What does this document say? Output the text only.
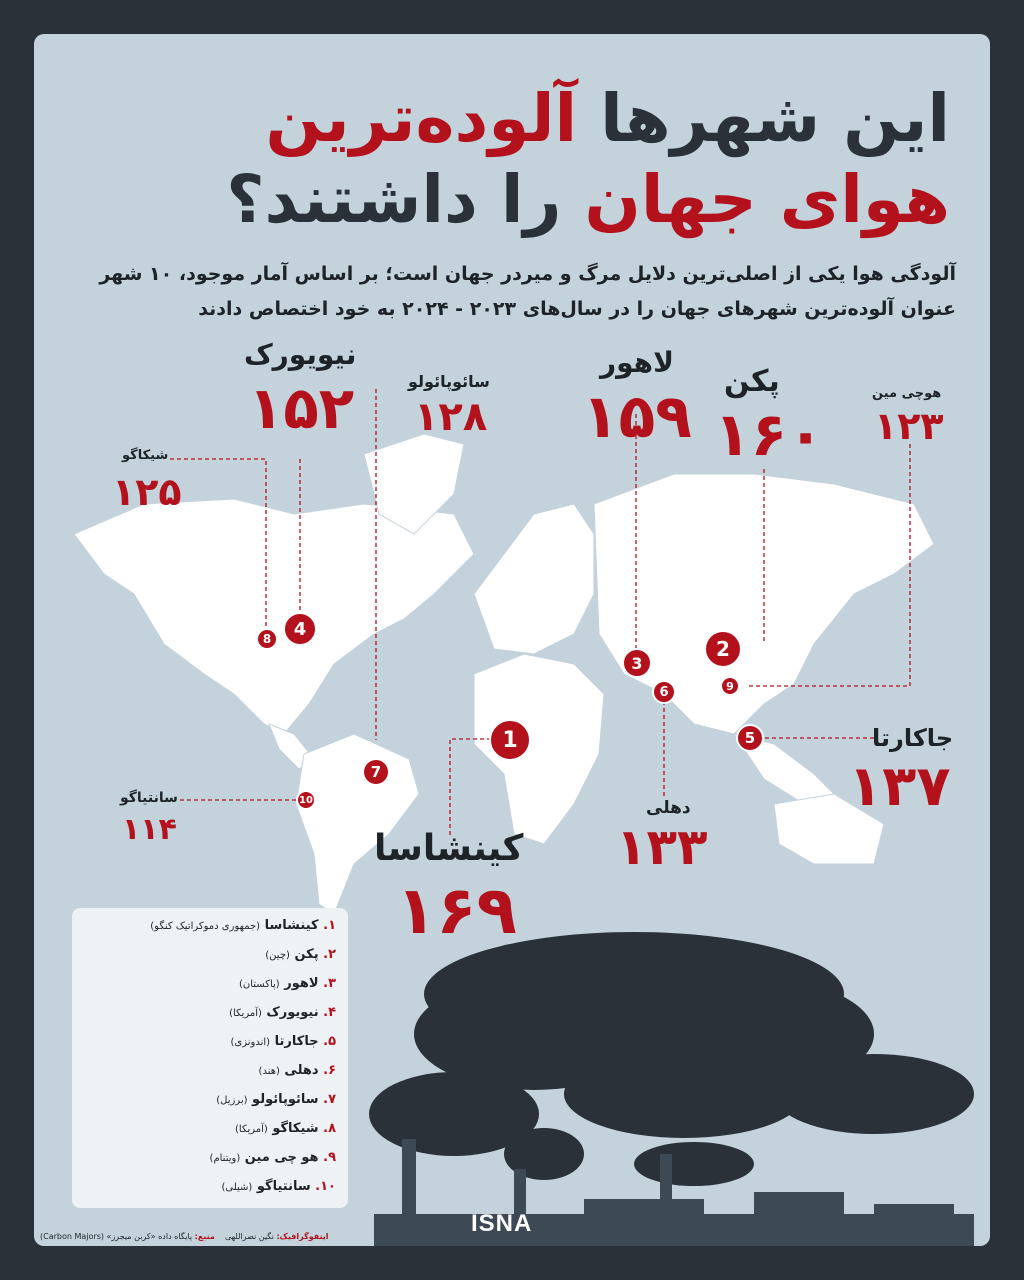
این شهرها آلوده‌ترین
هوای جهان را داشتند؟
آلودگی هوا یکی از اصلی‌ترین دلایل مرگ و میردر جهان است؛ بر اساس آمار موجود، ۱۰ شهر
عنوان آلوده‌ترین شهرهای جهان را در سال‌های ۲۰۲۳ - ۲۰۲۴ به خود اختصاص دادند
نیویورک
۱۵۲	سائوپائولو
۱۲۸
لاهور
۱۵۹
پکن
۱۶۰
هوچی مین
۱۲۳
شیکاگو
۱۲۵
جاکارتا
۱۳۷
سانتیاگو
۱۱۴
دهلی
۱۳۳
کینشاسا
۱۶۹
1
2
3
4
5
6
7
8
9
10
۱. کینشاسا (جمهوری دموکراتیک کنگو)
۲. پکن (چین)
۳. لاهور (پاکستان)
۴. نیویورک (آمریکا)
۵. جاکارتا (اندونزی)
۶. دهلی (هند)
۷. سائوپائولو (برزیل)
۸. شیکاگو (آمریکا)
۹. هو چی مین (ویتنام)
۱۰. سانتیاگو (شیلی)
اینفوگرافیک: نگین نصراللهی    منبع: پایگاه داده «کربن میجرز» (Carbon Majors)	ISNA
